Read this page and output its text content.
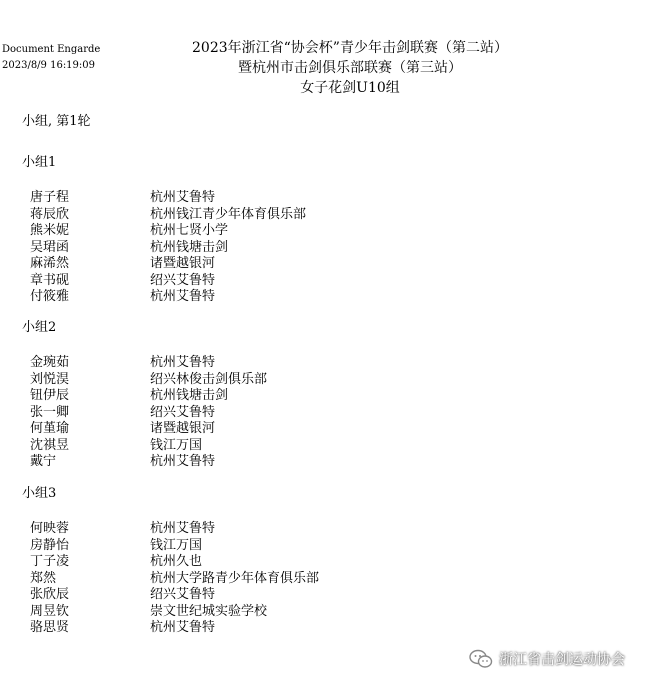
Document Engarde
2023/8/9 16:19:09
2023年浙江省“协会杯”青少年击剑联赛（第二站）
暨杭州市击剑俱乐部联赛（第三站）
女子花剑U10组
小组, 第1轮
小组1
唐子程	杭州艾鲁特
蒋辰欣	杭州钱江青少年体育俱乐部
熊米妮	杭州七贤小学
吴珺函	杭州钱塘击剑
麻浠然	诸暨越银河
章书砚	绍兴艾鲁特
付筱雅	杭州艾鲁特
小组2
金琬茹	杭州艾鲁特
刘悦淏	绍兴林俊击剑俱乐部
钮伊辰	杭州钱塘击剑
张一卿	绍兴艾鲁特
何堇瑜	诸暨越银河
沈祺昱	钱江万国
戴宁	杭州艾鲁特
小组3
何映蓉	杭州艾鲁特
房静怡	钱江万国
丁子凌	杭州久也
郑然	杭州大学路青少年体育俱乐部
张欣辰	绍兴艾鲁特
周昱钦	崇文世纪城实验学校
骆思贤	杭州艾鲁特
浙江省击剑运动协会
